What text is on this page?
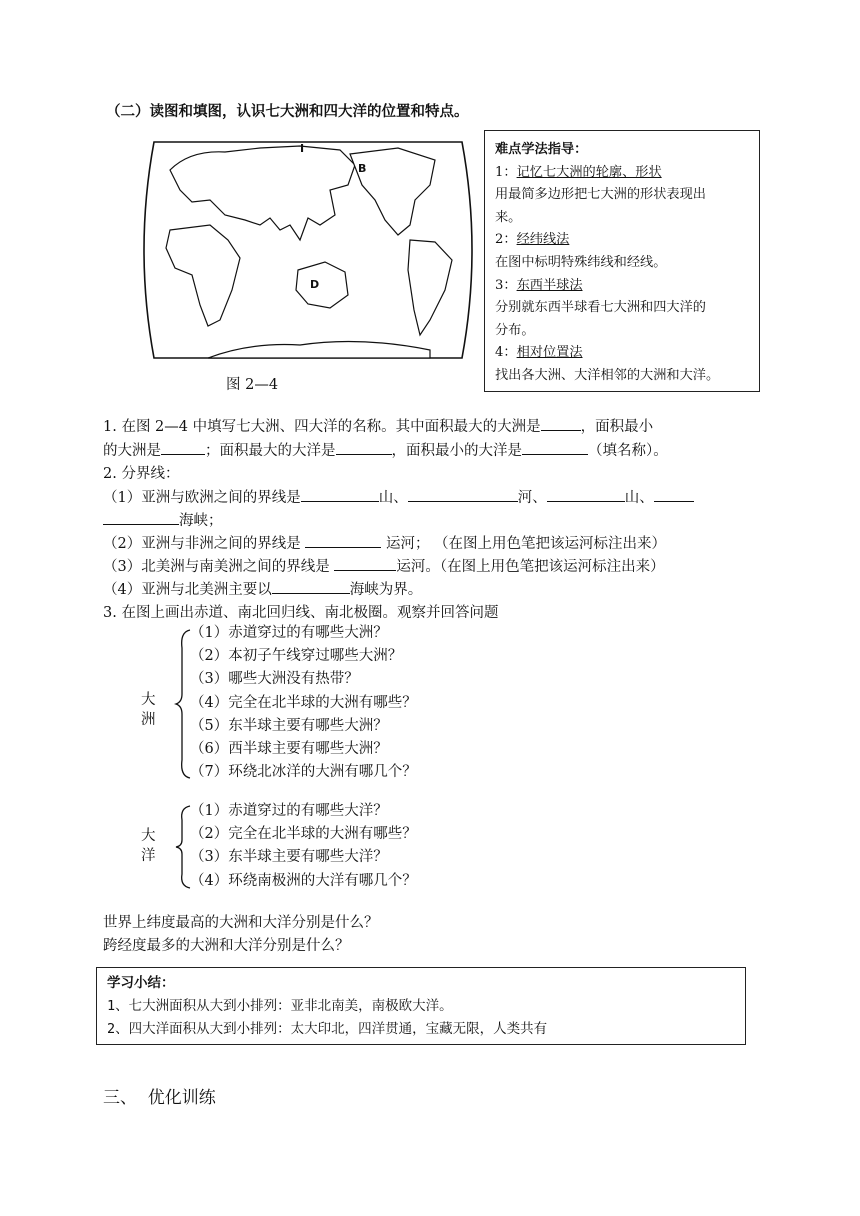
（二）读图和填图，认识七大洲和四大洋的位置和特点。
I
B
D
图 2—4
难点学法指导：
1：记忆七大洲的轮廓、形状
用最简多边形把七大洲的形状表现出
来。
2：经纬线法
在图中标明特殊纬线和经线。
3：东西半球法
分别就东西半球看七大洲和四大洋的
分布。
4：相对位置法
找出各大洲、大洋相邻的大洲和大洋。
1. 在图 2—4 中填写七大洲、四大洋的名称。其中面积最大的大洲是	，面积最小
的大洲是	；面积最大的大洋是	，面积最小的大洋是	（填名称）。
2. 分界线：
（1）亚洲与欧洲之间的界线是	山、	河、	山、
海峡；
（2）亚洲与非洲之间的界线是	运河； （在图上用色笔把该运河标注出来）
（3）北美洲与南美洲之间的界线是	运河。（在图上用色笔把该运河标注出来）
（4）亚洲与北美洲主要以	海峡为界。
3. 在图上画出赤道、南北回归线、南北极圈。观察并回答问题
大
洲
（1）赤道穿过的有哪些大洲？
（2）本初子午线穿过哪些大洲？
（3）哪些大洲没有热带？
（4）完全在北半球的大洲有哪些？
（5）东半球主要有哪些大洲？
（6）西半球主要有哪些大洲？
（7）环绕北冰洋的大洲有哪几个？
大
洋
（1）赤道穿过的有哪些大洋？
（2）完全在北半球的大洲有哪些？
（3）东半球主要有哪些大洋？
（4）环绕南极洲的大洋有哪几个？
世界上纬度最高的大洲和大洋分别是什么？
跨经度最多的大洲和大洋分别是什么？
学习小结：
1、七大洲面积从大到小排列：亚非北南美，南极欧大洋。
2、四大洋面积从大到小排列：太大印北，四洋贯通，宝藏无限，人类共有
三、  优化训练
